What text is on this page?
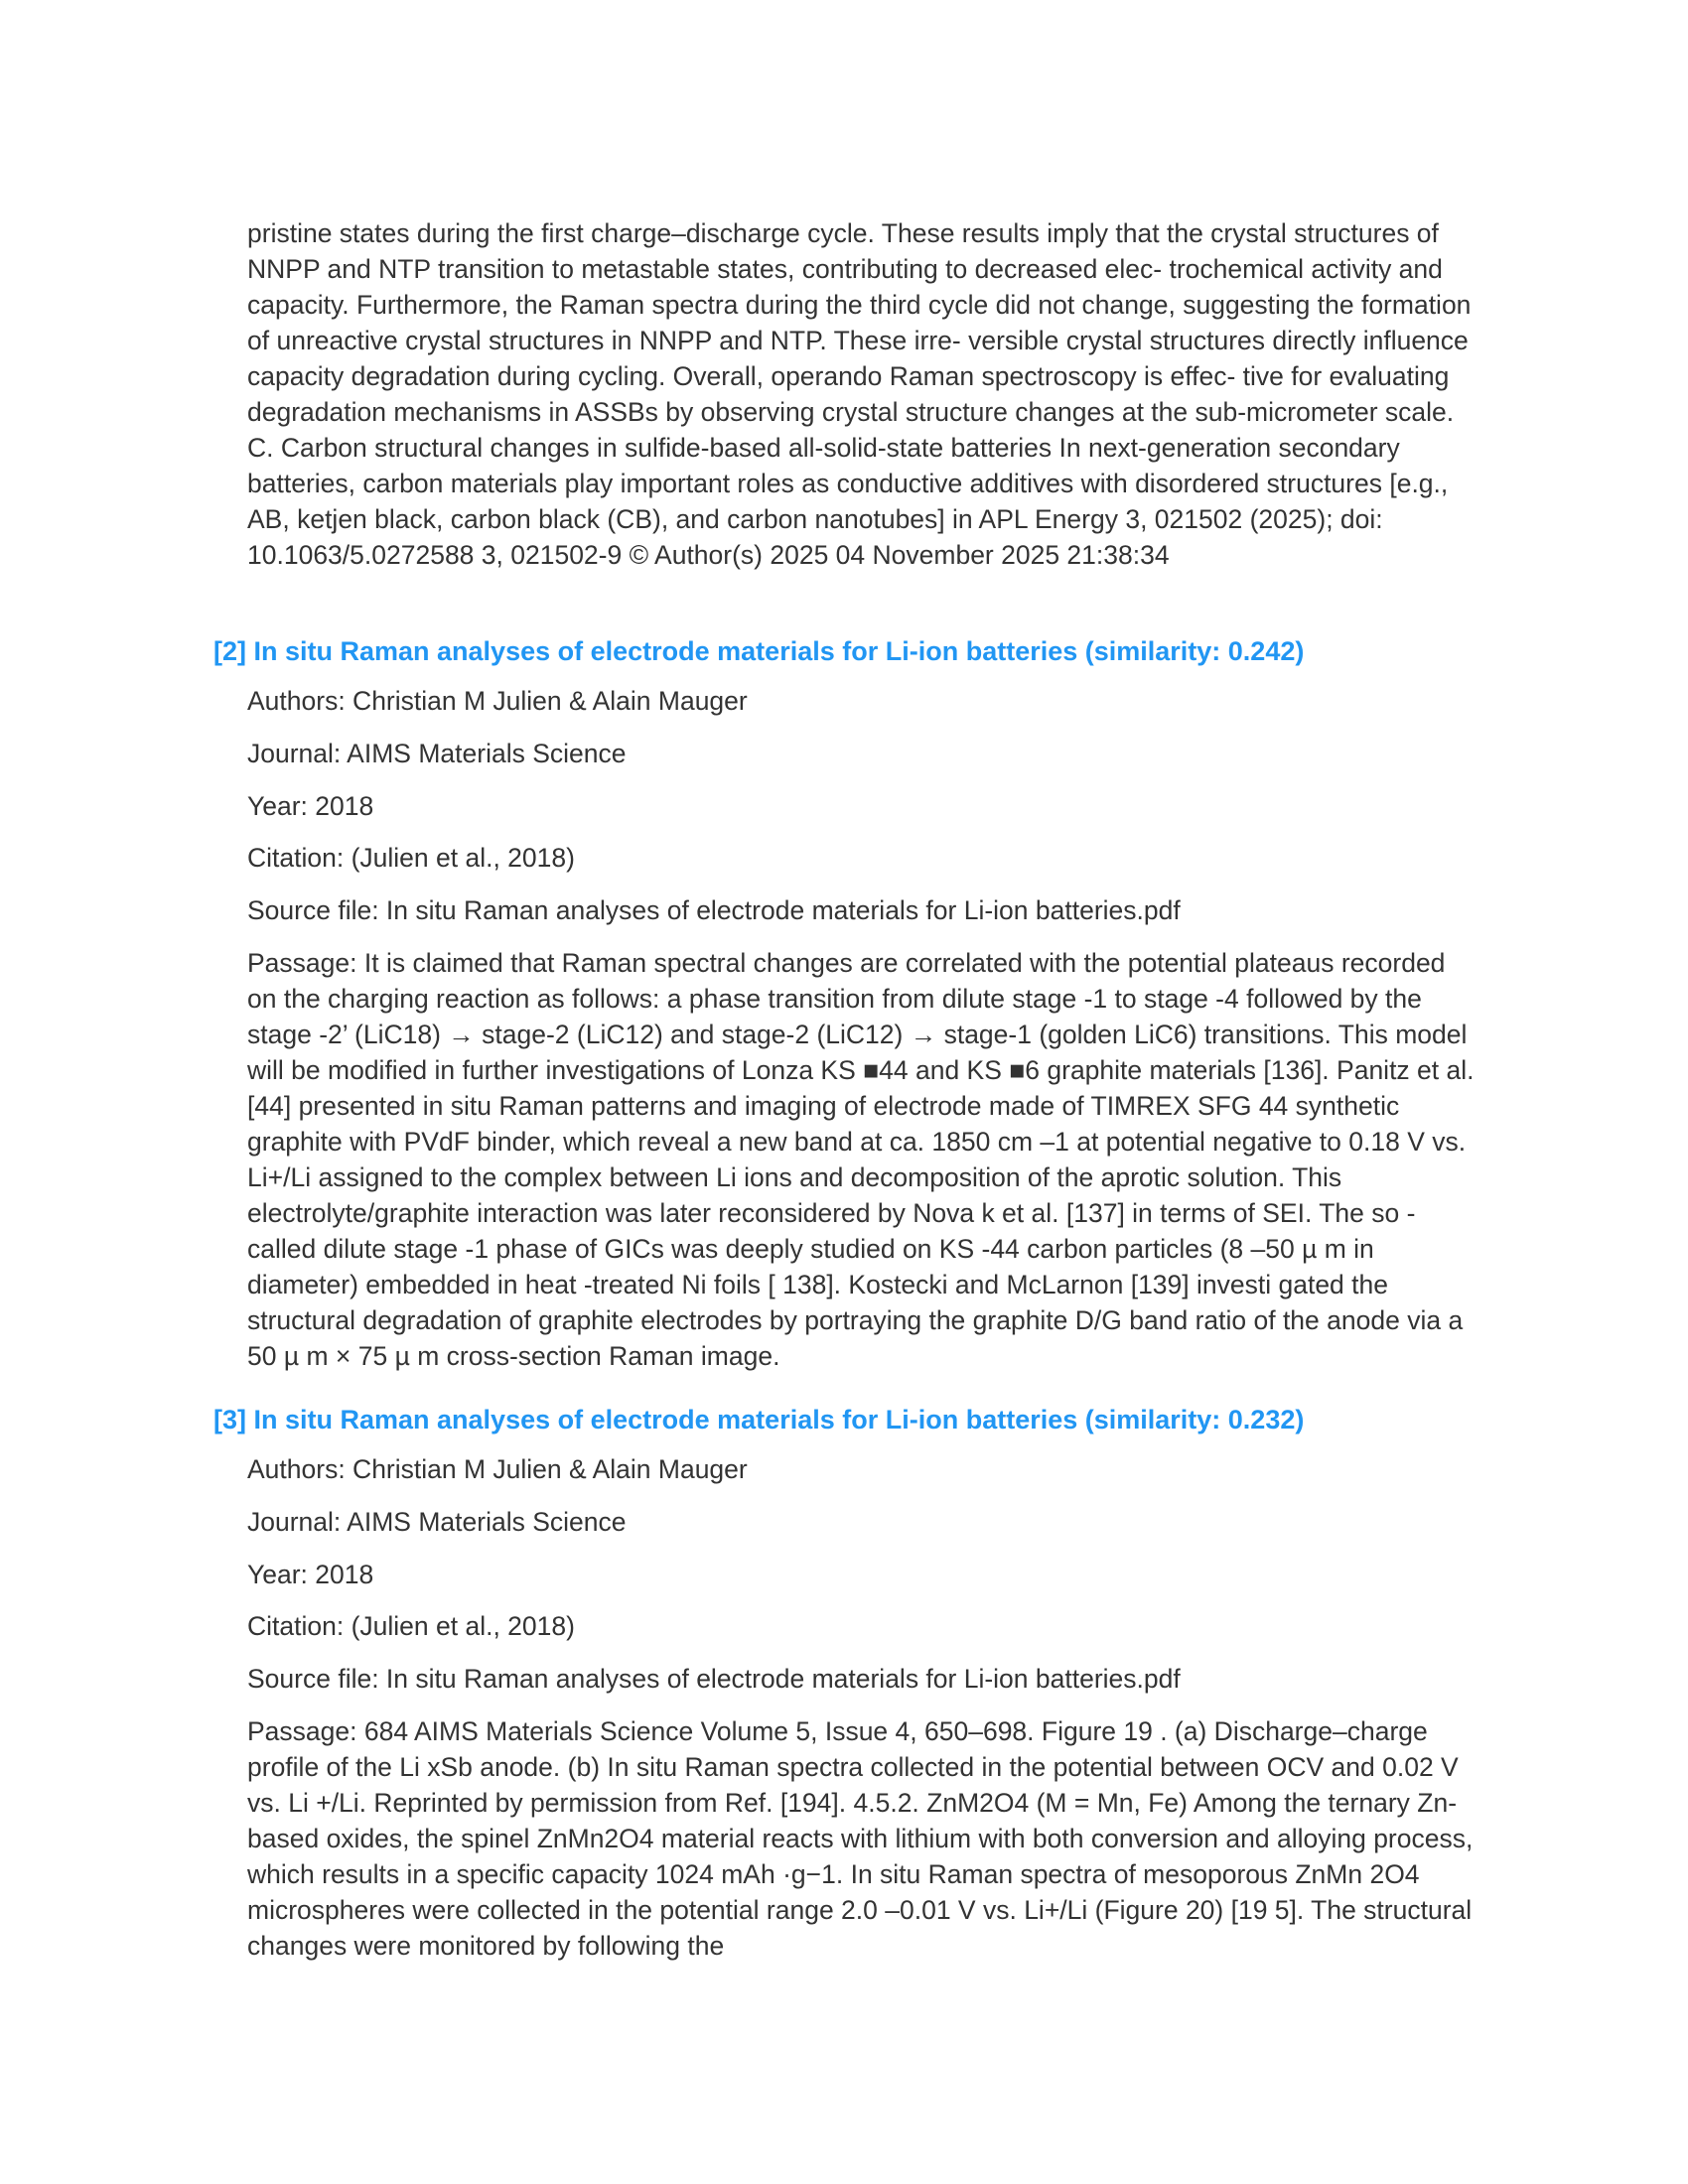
pristine states during the first charge–discharge cycle. These results imply that the crystal structures of NNPP and NTP transition to metastable states, contributing to decreased elec- trochemical activity and capacity. Furthermore, the Raman spectra during the third cycle did not change, suggesting the formation of unreactive crystal structures in NNPP and NTP. These irre- versible crystal structures directly influence capacity degradation during cycling. Overall, operando Raman spectroscopy is effec- tive for evaluating degradation mechanisms in ASSBs by observing crystal structure changes at the sub-micrometer scale. C. Carbon structural changes in sulfide-based all-solid-state batteries In next-generation secondary batteries, carbon materials play important roles as conductive additives with disordered structures [e.g., AB, ketjen black, carbon black (CB), and carbon nanotubes] in APL Energy 3, 021502 (2025); doi: 10.1063/5.0272588 3, 021502-9 © Author(s) 2025 04 November 2025 21:38:34

[2] In situ Raman analyses of electrode materials for Li-ion batteries (similarity: 0.242)

Authors: Christian M Julien & Alain Mauger

Journal: AIMS Materials Science

Year: 2018

Citation: (Julien et al., 2018)

Source file: In situ Raman analyses of electrode materials for Li-ion batteries.pdf

Passage: It is claimed that Raman spectral changes are correlated with the potential plateaus recorded on the charging reaction as follows: a phase transition from dilute stage -1 to stage -4 followed by the stage -2’ (LiC18) → stage-2 (LiC12) and stage-2 (LiC12) → stage-1 (golden LiC6) transitions. This model will be modified in further investigations of Lonza KS ■44 and KS ■6 graphite materials [136]. Panitz et al. [44] presented in situ Raman patterns and imaging of electrode made of TIMREX SFG 44 synthetic graphite with PVdF binder, which reveal a new band at ca. 1850 cm –1 at potential negative to 0.18 V vs. Li+/Li assigned to the complex between Li ions and decomposition of the aprotic solution. This electrolyte/graphite interaction was later reconsidered by Nova k et al. [137] in terms of SEI. The so - called dilute stage -1 phase of GICs was deeply studied on KS -44 carbon particles (8 –50 µ m in diameter) embedded in heat -treated Ni foils [ 138]. Kostecki and McLarnon [139] investi gated the structural degradation of graphite electrodes by portraying the graphite D/G band ratio of the anode via a 50 µ m × 75 µ m cross-section Raman image.

[3] In situ Raman analyses of electrode materials for Li-ion batteries (similarity: 0.232)

Authors: Christian M Julien & Alain Mauger

Journal: AIMS Materials Science

Year: 2018

Citation: (Julien et al., 2018)

Source file: In situ Raman analyses of electrode materials for Li-ion batteries.pdf

Passage: 684 AIMS Materials Science Volume 5, Issue 4, 650–698. Figure 19 . (a) Discharge–charge profile of the Li xSb anode. (b) In situ Raman spectra collected in the potential between OCV and 0.02 V vs. Li +/Li. Reprinted by permission from Ref. [194]. 4.5.2. ZnM2O4 (M = Mn, Fe) Among the ternary Zn-based oxides, the spinel ZnMn2O4 material reacts with lithium with both conversion and alloying process, which results in a specific capacity 1024 mAh ·g−1. In situ Raman spectra of mesoporous ZnMn 2O4 microspheres were collected in the potential range 2.0 –0.01 V vs. Li+/Li (Figure 20) [19 5]. The structural changes were monitored by following the
